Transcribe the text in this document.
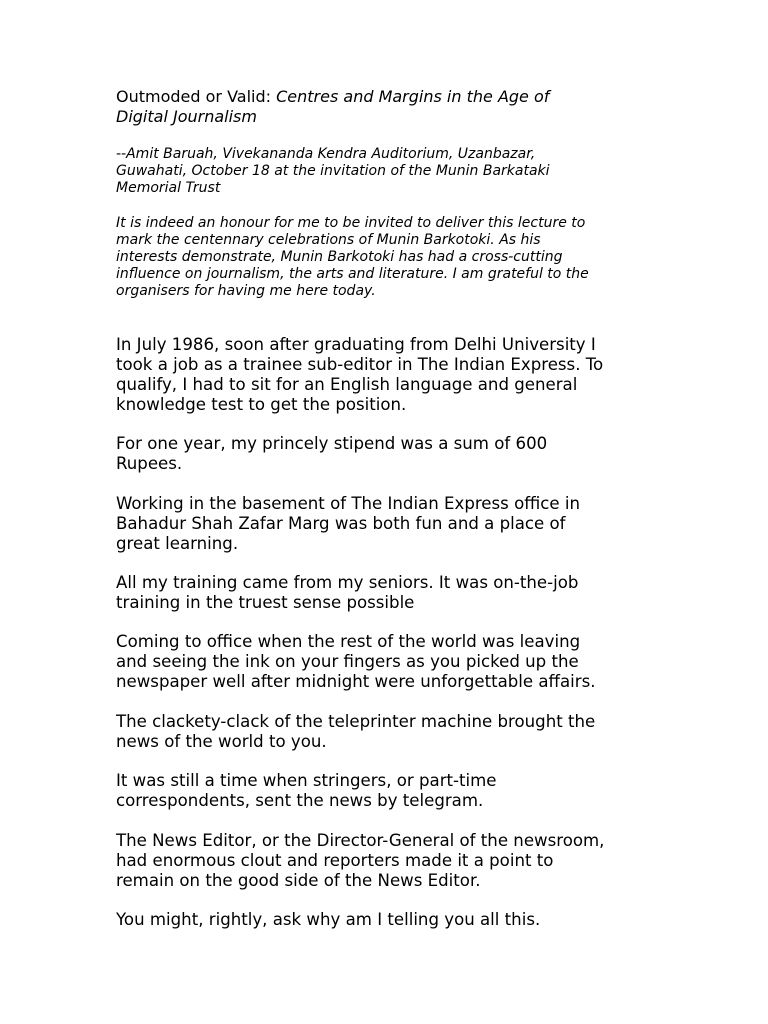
Outmoded or Valid: Centres and Margins in the Age of
Digital Journalism

--Amit Baruah, Vivekananda Kendra Auditorium, Uzanbazar,
Guwahati, October 18 at the invitation of the Munin Barkataki
Memorial Trust

It is indeed an honour for me to be invited to deliver this lecture to
mark the centennary celebrations of Munin Barkotoki. As his
interests demonstrate, Munin Barkotoki has had a cross-cutting
influence on journalism, the arts and literature. I am grateful to the
organisers for having me here today.

In July 1986, soon after graduating from Delhi University I
took a job as a trainee sub-editor in The Indian Express. To
qualify, I had to sit for an English language and general
knowledge test to get the position.

For one year, my princely stipend was a sum of 600
Rupees.

Working in the basement of The Indian Express office in
Bahadur Shah Zafar Marg was both fun and a place of
great learning.

All my training came from my seniors. It was on-the-job
training in the truest sense possible

Coming to office when the rest of the world was leaving
and seeing the ink on your fingers as you picked up the
newspaper well after midnight were unforgettable affairs.

The clackety-clack of the teleprinter machine brought the
news of the world to you.

It was still a time when stringers, or part-time
correspondents, sent the news by telegram.

The News Editor, or the Director-General of the newsroom,
had enormous clout and reporters made it a point to
remain on the good side of the News Editor.

You might, rightly, ask why am I telling you all this.
